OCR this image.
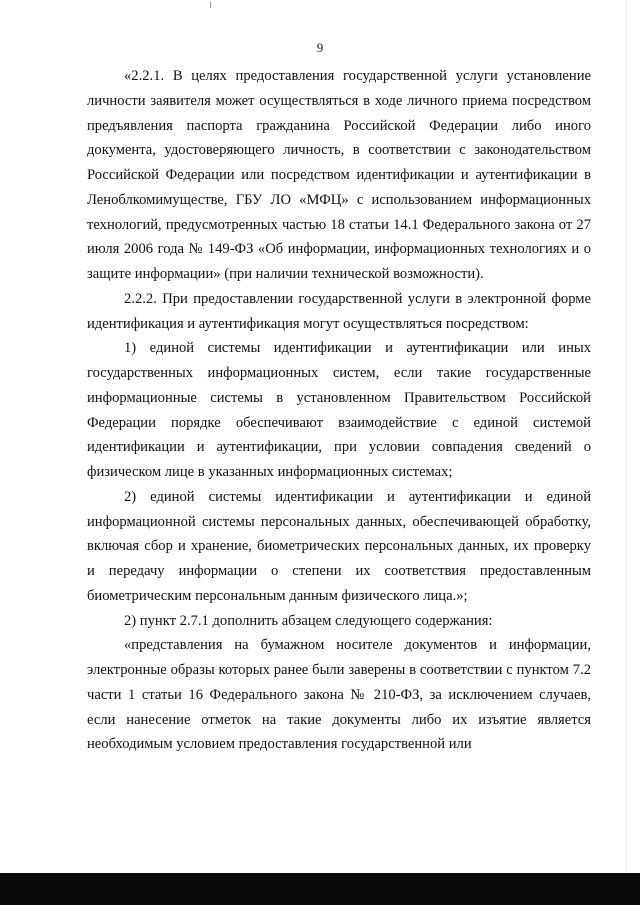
9

«2.2.1. В целях предоставления государственной услуги установление личности заявителя может осуществляться в ходе личного приема посредством предъявления паспорта гражданина Российской Федерации либо иного документа, удостоверяющего личность, в соответствии с законодательством Российской Федерации или посредством идентификации и аутентификации в Леноблкомимуществе, ГБУ ЛО «МФЦ» с использованием информационных технологий, предусмотренных частью 18 статьи 14.1 Федерального закона от 27 июля 2006 года № 149-ФЗ «Об информации, информационных технологиях и о защите информации» (при наличии технической возможности).

2.2.2. При предоставлении государственной услуги в электронной форме идентификация и аутентификация могут осуществляться посредством:

1) единой системы идентификации и аутентификации или иных государственных информационных систем, если такие государственные информационные системы в установленном Правительством Российской Федерации порядке обеспечивают взаимодействие с единой системой идентификации и аутентификации, при условии совпадения сведений о физическом лице в указанных информационных системах;

2) единой системы идентификации и аутентификации и единой информационной системы персональных данных, обеспечивающей обработку, включая сбор и хранение, биометрических персональных данных, их проверку и передачу информации о степени их соответствия предоставленным биометрическим персональным данным физического лица.»;

2) пункт 2.7.1 дополнить абзацем следующего содержания:

«представления на бумажном носителе документов и информации, электронные образы которых ранее были заверены в соответствии с пунктом 7.2 части 1 статьи 16 Федерального закона № 210-ФЗ, за исключением случаев, если нанесение отметок на такие документы либо их изъятие является необходимым условием предоставления государственной или
